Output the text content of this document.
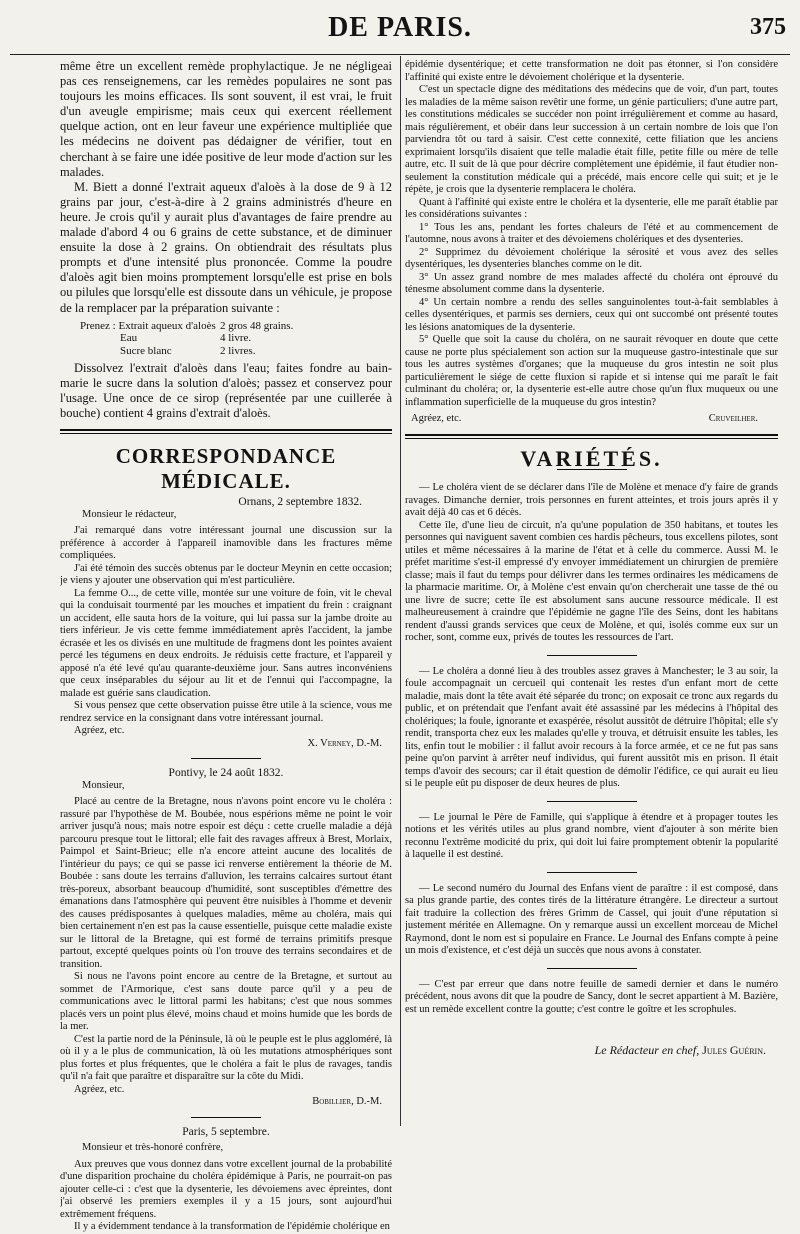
DE PARIS.	375

même être un excellent remède prophylactique. Je ne négligeai pas ces renseignemens, car les remèdes populaires ne sont pas toujours les moins efficaces. Ils sont souvent, il est vrai, le fruit d'un aveugle empirisme; mais ceux qui exercent réellement quelque action, ont en leur faveur une expérience multipliée que les médecins ne doivent pas dédaigner de vérifier, tout en cherchant à se faire une idée positive de leur mode d'action sur les malades.

M. Biett a donné l'extrait aqueux d'aloès à la dose de 9 à 12 grains par jour, c'est-à-dire à 2 grains administrés d'heure en heure. Je crois qu'il y aurait plus d'avantages de faire prendre au malade d'abord 4 ou 6 grains de cette substance, et de diminuer ensuite la dose à 2 grains. On obtiendrait des résultats plus prompts et d'une intensité plus prononcée. Comme la poudre d'aloès agit bien moins promptement lorsqu'elle est prise en bols ou pilules que lorsqu'elle est dissoute dans un véhicule, je propose de la remplacer par la préparation suivante :

Prenez : Extrait aqueux d'aloès 2 gros 48 grains.
Eau	4 livre.
Sucre blanc	2 livres.

Dissolvez l'extrait d'aloès dans l'eau; faites fondre au bain-marie le sucre dans la solution d'aloès; passez et conservez pour l'usage. Une once de ce sirop (représentée par une cuillerée à bouche) contient 4 grains d'extrait d'aloès.

CORRESPONDANCE MÉDICALE.
Ornans, 2 septembre 1832.
Monsieur le rédacteur,

J'ai remarqué dans votre intéressant journal une discussion sur la préférence à accorder à l'appareil inamovible dans les fractures même compliquées.

J'ai été témoin des succès obtenus par le docteur Meynin en cette occasion; je viens y ajouter une observation qui m'est particulière.

La femme O..., de cette ville, montée sur une voiture de foin, vit le cheval qui la conduisait tourmenté par les mouches et impatient du frein : craignant un accident, elle sauta hors de la voiture, qui lui passa sur la jambe droite au tiers inférieur. Je vis cette femme immédiatement après l'accident, la jambe écrasée et les os divisés en une multitude de fragmens dont les pointes avaient percé les tégumens en deux endroits. Je réduisis cette fracture, et l'appareil y apposé n'a été levé qu'au quarante-deuxième jour. Sans autres inconvéniens que ceux inséparables du séjour au lit et de l'ennui qui l'accompagne, la malade est guérie sans claudication.

Si vous pensez que cette observation puisse être utile à la science, vous me rendrez service en la consignant dans votre intéressant journal.

Agréez, etc.

X. Verney, D.-M.
Pontivy, le 24 août 1832.
Monsieur,

Placé au centre de la Bretagne, nous n'avons point encore vu le choléra : rassuré par l'hypothèse de M. Boubée, nous espérions même ne point le voir arriver jusqu'à nous; mais notre espoir est déçu : cette cruelle maladie a déjà parcouru presque tout le littoral; elle fait des ravages affreux à Brest, Morlaix, Paimpol et Saint-Brieuc; elle n'a encore atteint aucune des localités de l'intérieur du pays; ce qui se passe ici renverse entièrement la théorie de M. Boubée : sans doute les terrains d'alluvion, les terrains calcaires surtout étant très-poreux, absorbant beaucoup d'humidité, sont susceptibles d'émettre des émanations dans l'atmosphère qui peuvent être nuisibles à l'homme et devenir des causes prédisposantes à quelques maladies, même au choléra, mais qui bien certainement n'en est pas la cause essentielle, puisque cette maladie existe sur le littoral de la Bretagne, qui est formé de terrains primitifs presque partout, excepté quelques points où l'on trouve des terrains secondaires et de transition.

Si nous ne l'avons point encore au centre de la Bretagne, et surtout au sommet de l'Armorique, c'est sans doute parce qu'il y a peu de communications avec le littoral parmi les habitans; c'est que nous sommes placés vers un point plus élevé, moins chaud et moins humide que les bords de la mer.

C'est la partie nord de la Péninsule, là où le peuple est le plus aggloméré, là où il y a le plus de communication, là où les mutations atmosphériques sont plus fortes et plus fréquentes, que le choléra a fait le plus de ravages, tandis qu'il n'a fait que paraître et disparaître sur la côte du Midi.

Agréez, etc.

Bobillier, D.-M.
Paris, 5 septembre.
Monsieur et très-honoré confrère,

Aux preuves que vous donnez dans votre excellent journal de la probabilité d'une disparition prochaine du choléra épidémique à Paris, ne pourrait-on pas ajouter celle-ci : c'est que la dysenterie, les dévoiemens avec épreintes, dont j'ai observé les premiers exemples il y a 15 jours, sont aujourd'hui extrêmement fréquens.

Il y a évidemment tendance à la transformation de l'épidémie cholérique en

épidémie dysentérique; et cette transformation ne doit pas étonner, si l'on considère l'affinité qui existe entre le dévoiement cholérique et la dysenterie.

C'est un spectacle digne des méditations des médecins que de voir, d'un part, toutes les maladies de la même saison revêtir une forme, un génie particuliers; d'une autre part, les constitutions médicales se succéder non point irrégulièrement et comme au hasard, mais régulièrement, et obéir dans leur succession à un certain nombre de lois que l'on parviendra tôt ou tard à saisir. C'est cette connexité, cette filiation que les anciens exprimaient lorsqu'ils disaient que telle maladie était fille, petite fille ou mère de telle autre, etc. Il suit de là que pour décrire complètement une épidémie, il faut étudier non-seulement la constitution médicale qui a précédé, mais encore celle qui suit; et je le répète, je crois que la dysenterie remplacera le choléra.

Quant à l'affinité qui existe entre le choléra et la dysenterie, elle me paraît établie par les considérations suivantes :

1° Tous les ans, pendant les fortes chaleurs de l'été et au commencement de l'automne, nous avons à traiter et des dévoiemens cholériques et des dysenteries.

2° Supprimez du dévoiement cholérique la sérosité et vous avez des selles dysentériques, les dysenteries blanches comme on le dit.

3° Un assez grand nombre de mes malades affecté du choléra ont éprouvé du ténesme absolument comme dans la dysenterie.

4° Un certain nombre a rendu des selles sanguinolentes tout-à-fait semblables à celles dysentériques, et parmis ses derniers, ceux qui ont succombé ont présenté toutes les lésions anatomiques de la dysenterie.

5° Quelle que soit la cause du choléra, on ne saurait révoquer en doute que cette cause ne porte plus spécialement son action sur la muqueuse gastro-intestinale que sur tous les autres systèmes d'organes; que la muqueuse du gros intestin ne soit plus particulièrement le siége de cette fluxion si rapide et si intense qui me paraît le fait culminant du choléra; or, la dysenterie est-elle autre chose qu'un flux muqueux ou une inflammation superficielle de la muqueuse du gros intestin?

Agréez, etc.	Cruveilher.
VARIÉTÉS.

— Le choléra vient de se déclarer dans l'île de Molène et menace d'y faire de grands ravages. Dimanche dernier, trois personnes en furent atteintes, et trois jours après il y avait déjà 40 cas et 6 décès.

Cette île, d'une lieu de circuit, n'a qu'une population de 350 habitans, et toutes les personnes qui naviguent savent combien ces hardis pêcheurs, tous excellens pilotes, sont utiles et même nécessaires à la marine de l'état et à celle du commerce. Aussi M. le préfet maritime s'est-il empressé d'y envoyer immédiatement un chirurgien de première classe; mais il faut du temps pour délivrer dans les termes ordinaires les médicamens de la pharmacie maritime. Or, à Molène c'est envain qu'on chercherait une tasse de thé ou une livre de sucre; cette île est absolument sans aucune ressource médicale. Il est malheureusement à craindre que l'épidémie ne gagne l'île des Seins, dont les habitans rendent d'aussi grands services que ceux de Molène, et qui, isolés comme eux sur un rocher, sont, comme eux, privés de toutes les ressources de l'art.

— Le choléra a donné lieu à des troubles assez graves à Manchester; le 3 au soir, la foule accompagnait un cercueil qui contenait les restes d'un enfant mort de cette maladie, mais dont la tête avait été séparée du tronc; on exposait ce tronc aux regards du public, et on prétendait que l'enfant avait été assassiné par les médecins à l'hôpital des cholériques; la foule, ignorante et exaspérée, résolut aussitôt de détruire l'hôpital; elle s'y rendit, transporta chez eux les malades qu'elle y trouva, et détruisit ensuite les tables, les lits, enfin tout le mobilier : il fallut avoir recours à la force armée, et ce ne fut pas sans peine qu'on parvint à arrêter neuf individus, qui furent aussitôt mis en prison. Il était temps d'avoir des secours; car il était question de démolir l'édifice, ce qui aurait eu lieu si le peuple eût pu disposer de deux heures de plus.

— Le journal le Père de Famille, qui s'applique à étendre et à propager toutes les notions et les vérités utiles au plus grand nombre, vient d'ajouter à son mérite bien reconnu l'extrême modicité du prix, qui doit lui faire promptement obtenir la popularité à laquelle il est destiné.

— Le second numéro du Journal des Enfans vient de paraître : il est composé, dans sa plus grande partie, des contes tirés de la littérature étrangère. Le directeur a surtout fait traduire la collection des frères Grimm de Cassel, qui jouit d'une réputation si justement méritée en Allemagne. On y remarque aussi un excellent morceau de Michel Raymond, dont le nom est si populaire en France. Le Journal des Enfans compte à peine un mois d'existence, et c'est déjà un succès que nous avons à constater.

— C'est par erreur que dans notre feuille de samedi dernier et dans le numéro précédent, nous avons dit que la poudre de Sancy, dont le secret appartient à M. Bazière, est un remède excellent contre la goutte; c'est contre le goître et les scrophules.

Le Rédacteur en chef, Jules Guérin.
